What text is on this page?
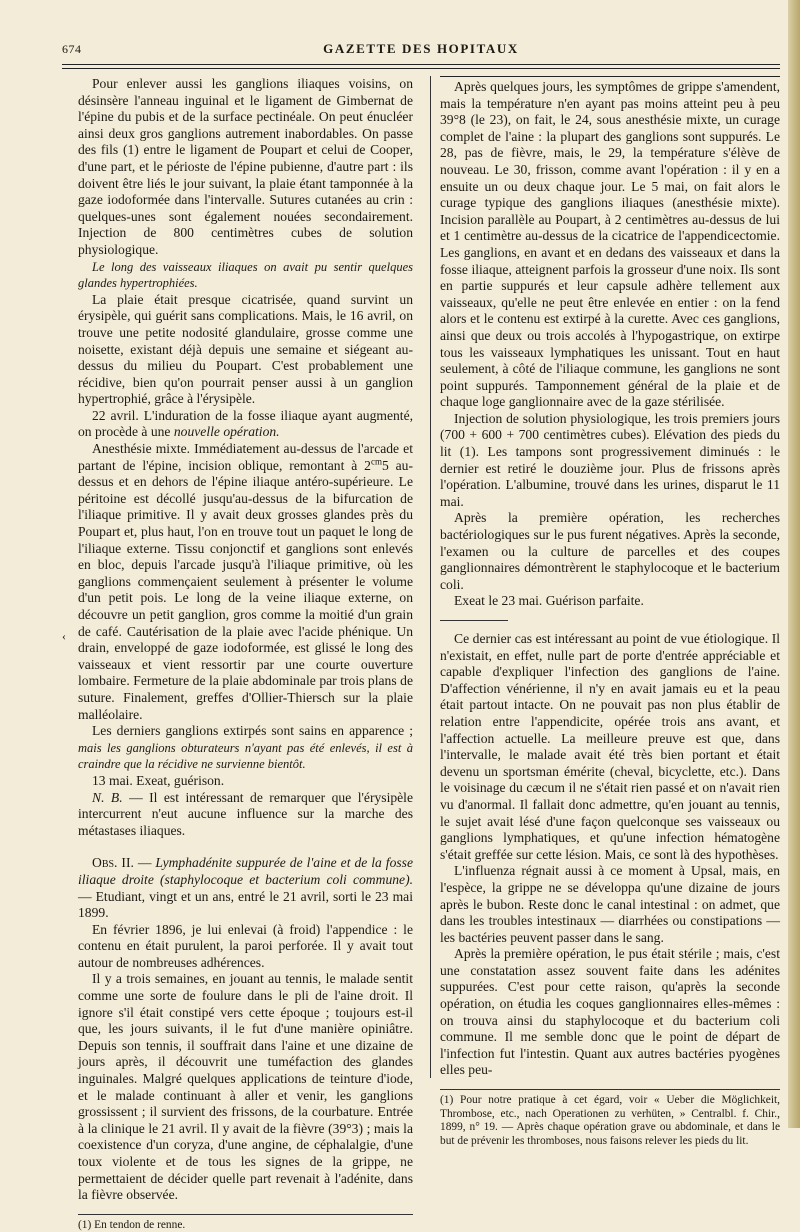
674	GAZETTE DES HOPITAUX
‹

Pour enlever aussi les ganglions iliaques voisins, on désinsère l'anneau inguinal et le ligament de Gimbernat de l'épine du pubis et de la surface pectinéale. On peut énucléer ainsi deux gros ganglions autrement inabordables. On passe des fils (1) entre le ligament de Poupart et celui de Cooper, d'une part, et le périoste de l'épine pubienne, d'autre part : ils doivent être liés le jour suivant, la plaie étant tamponnée à la gaze iodoformée dans l'intervalle. Sutures cutanées au crin : quelques-unes sont également nouées secondairement. Injection de 800 centimètres cubes de solution physiologique.

Le long des vaisseaux iliaques on avait pu sentir quelques glandes hypertrophiées.

La plaie était presque cicatrisée, quand survint un érysipèle, qui guérit sans complications. Mais, le 16 avril, on trouve une petite nodosité glandulaire, grosse comme une noisette, existant déjà depuis une semaine et siégeant au-dessus du milieu du Poupart. C'est probablement une récidive, bien qu'on pourrait penser aussi à un ganglion hypertrophié, grâce à l'érysipèle.

22 avril. L'induration de la fosse iliaque ayant augmenté, on procède à une nouvelle opération.

Anesthésie mixte. Immédiatement au-dessus de l'arcade et partant de l'épine, incision oblique, remontant à $2^{cm}5$ au-dessus et en dehors de l'épine iliaque antéro-supérieure. Le péritoine est décollé jusqu'au-dessus de la bifurcation de l'iliaque primitive. Il y avait deux grosses glandes près du Poupart et, plus haut, l'on en trouve tout un paquet le long de l'iliaque externe. Tissu conjonctif et ganglions sont enlevés en bloc, depuis l'arcade jusqu'à l'iliaque primitive, où les ganglions commençaient seulement à présenter le volume d'un petit pois. Le long de la veine iliaque externe, on découvre un petit ganglion, gros comme la moitié d'un grain de café. Cautérisation de la plaie avec l'acide phénique. Un drain, enveloppé de gaze iodoformée, est glissé le long des vaisseaux et vient ressortir par une courte ouverture lombaire. Fermeture de la plaie abdominale par trois plans de suture. Finalement, greffes d'Ollier-Thiersch sur la plaie malléolaire.

Les derniers ganglions extirpés sont sains en apparence ; mais les ganglions obturateurs n'ayant pas été enlevés, il est à craindre que la récidive ne survienne bientôt.

13 mai. Exeat, guérison.

N. B. — Il est intéressant de remarquer que l'érysipèle intercurrent n'eut aucune influence sur la marche des métastases iliaques.

Obs. II. — Lymphadénite suppurée de l'aine et de la fosse iliaque droite (staphylocoque et bacterium coli commune). — Etudiant, vingt et un ans, entré le 21 avril, sorti le 23 mai 1899.

En février 1896, je lui enlevai (à froid) l'appendice : le contenu en était purulent, la paroi perforée. Il y avait tout autour de nombreuses adhérences.

Il y a trois semaines, en jouant au tennis, le malade sentit comme une sorte de foulure dans le pli de l'aine droit. Il ignore s'il était constipé vers cette époque ; toujours est-il que, les jours suivants, il le fut d'une manière opiniâtre. Depuis son tennis, il souffrait dans l'aine et une dizaine de jours après, il découvrit une tuméfaction des glandes inguinales. Malgré quelques applications de teinture d'iode, et le malade continuant à aller et venir, les ganglions grossissent ; il survient des frissons, de la courbature. Entrée à la clinique le 21 avril. Il y avait de la fièvre (39°3) ; mais la coexistence d'un coryza, d'une angine, de céphalalgie, d'une toux violente et de tous les signes de la grippe, ne permettaient de décider quelle part revenait à l'adénite, dans la fièvre observée.

(1) En tendon de renne.

Après quelques jours, les symptômes de grippe s'amendent, mais la température n'en ayant pas moins atteint peu à peu 39°8 (le 23), on fait, le 24, sous anesthésie mixte, un curage complet de l'aine : la plupart des ganglions sont suppurés. Le 28, pas de fièvre, mais, le 29, la température s'élève de nouveau. Le 30, frisson, comme avant l'opération : il y en a ensuite un ou deux chaque jour. Le 5 mai, on fait alors le curage typique des ganglions iliaques (anesthésie mixte). Incision parallèle au Poupart, à 2 centimètres au-dessus de lui et 1 centimètre au-dessus de la cicatrice de l'appendicectomie. Les ganglions, en avant et en dedans des vaisseaux et dans la fosse iliaque, atteignent parfois la grosseur d'une noix. Ils sont en partie suppurés et leur capsule adhère tellement aux vaisseaux, qu'elle ne peut être enlevée en entier : on la fend alors et le contenu est extirpé à la curette. Avec ces ganglions, ainsi que deux ou trois accolés à l'hypogastrique, on extirpe tous les vaisseaux lymphatiques les unissant. Tout en haut seulement, à côté de l'iliaque commune, les ganglions ne sont point suppurés. Tamponnement général de la plaie et de chaque loge ganglionnaire avec de la gaze stérilisée.

Injection de solution physiologique, les trois premiers jours (700 + 600 + 700 centimètres cubes). Elévation des pieds du lit (1). Les tampons sont progressivement diminués : le dernier est retiré le douzième jour. Plus de frissons après l'opération. L'albumine, trouvé dans les urines, disparut le 11 mai.

Après la première opération, les recherches bactériologiques sur le pus furent négatives. Après la seconde, l'examen ou la culture de parcelles et des coupes ganglionnaires démontrèrent le staphylocoque et le bacterium coli.

Exeat le 23 mai. Guérison parfaite.

Ce dernier cas est intéressant au point de vue étiologique. Il n'existait, en effet, nulle part de porte d'entrée appréciable et capable d'expliquer l'infection des ganglions de l'aine. D'affection vénérienne, il n'y en avait jamais eu et la peau était partout intacte. On ne pouvait pas non plus établir de relation entre l'appendicite, opérée trois ans avant, et l'affection actuelle. La meilleure preuve est que, dans l'intervalle, le malade avait été très bien portant et était devenu un sportsman émérite (cheval, bicyclette, etc.). Dans le voisinage du cæcum il ne s'était rien passé et on n'avait rien vu d'anormal. Il fallait donc admettre, qu'en jouant au tennis, le sujet avait lésé d'une façon quelconque ses vaisseaux ou ganglions lymphatiques, et qu'une infection hématogène s'était greffée sur cette lésion. Mais, ce sont là des hypothèses.

L'influenza régnait aussi à ce moment à Upsal, mais, en l'espèce, la grippe ne se développa qu'une dizaine de jours après le bubon. Reste donc le canal intestinal : on admet, que dans les troubles intestinaux — diarrhées ou constipations — les bactéries peuvent passer dans le sang.

Après la première opération, le pus était stérile ; mais, c'est une constatation assez souvent faite dans les adénites suppurées. C'est pour cette raison, qu'après la seconde opération, on étudia les coques ganglionnaires elles-mêmes : on trouva ainsi du staphylocoque et du bacterium coli commune. Il me semble donc que le point de départ de l'infection fut l'intestin. Quant aux autres bactéries pyogènes elles peu-

(1) Pour notre pratique à cet égard, voir « Ueber die Möglichkeit, Thrombose, etc., nach Operationen zu verhüten, » Centralbl. f. Chir., 1899, n° 19. — Après chaque opération grave ou abdominale, et dans le but de prévenir les thromboses, nous faisons relever les pieds du lit.
